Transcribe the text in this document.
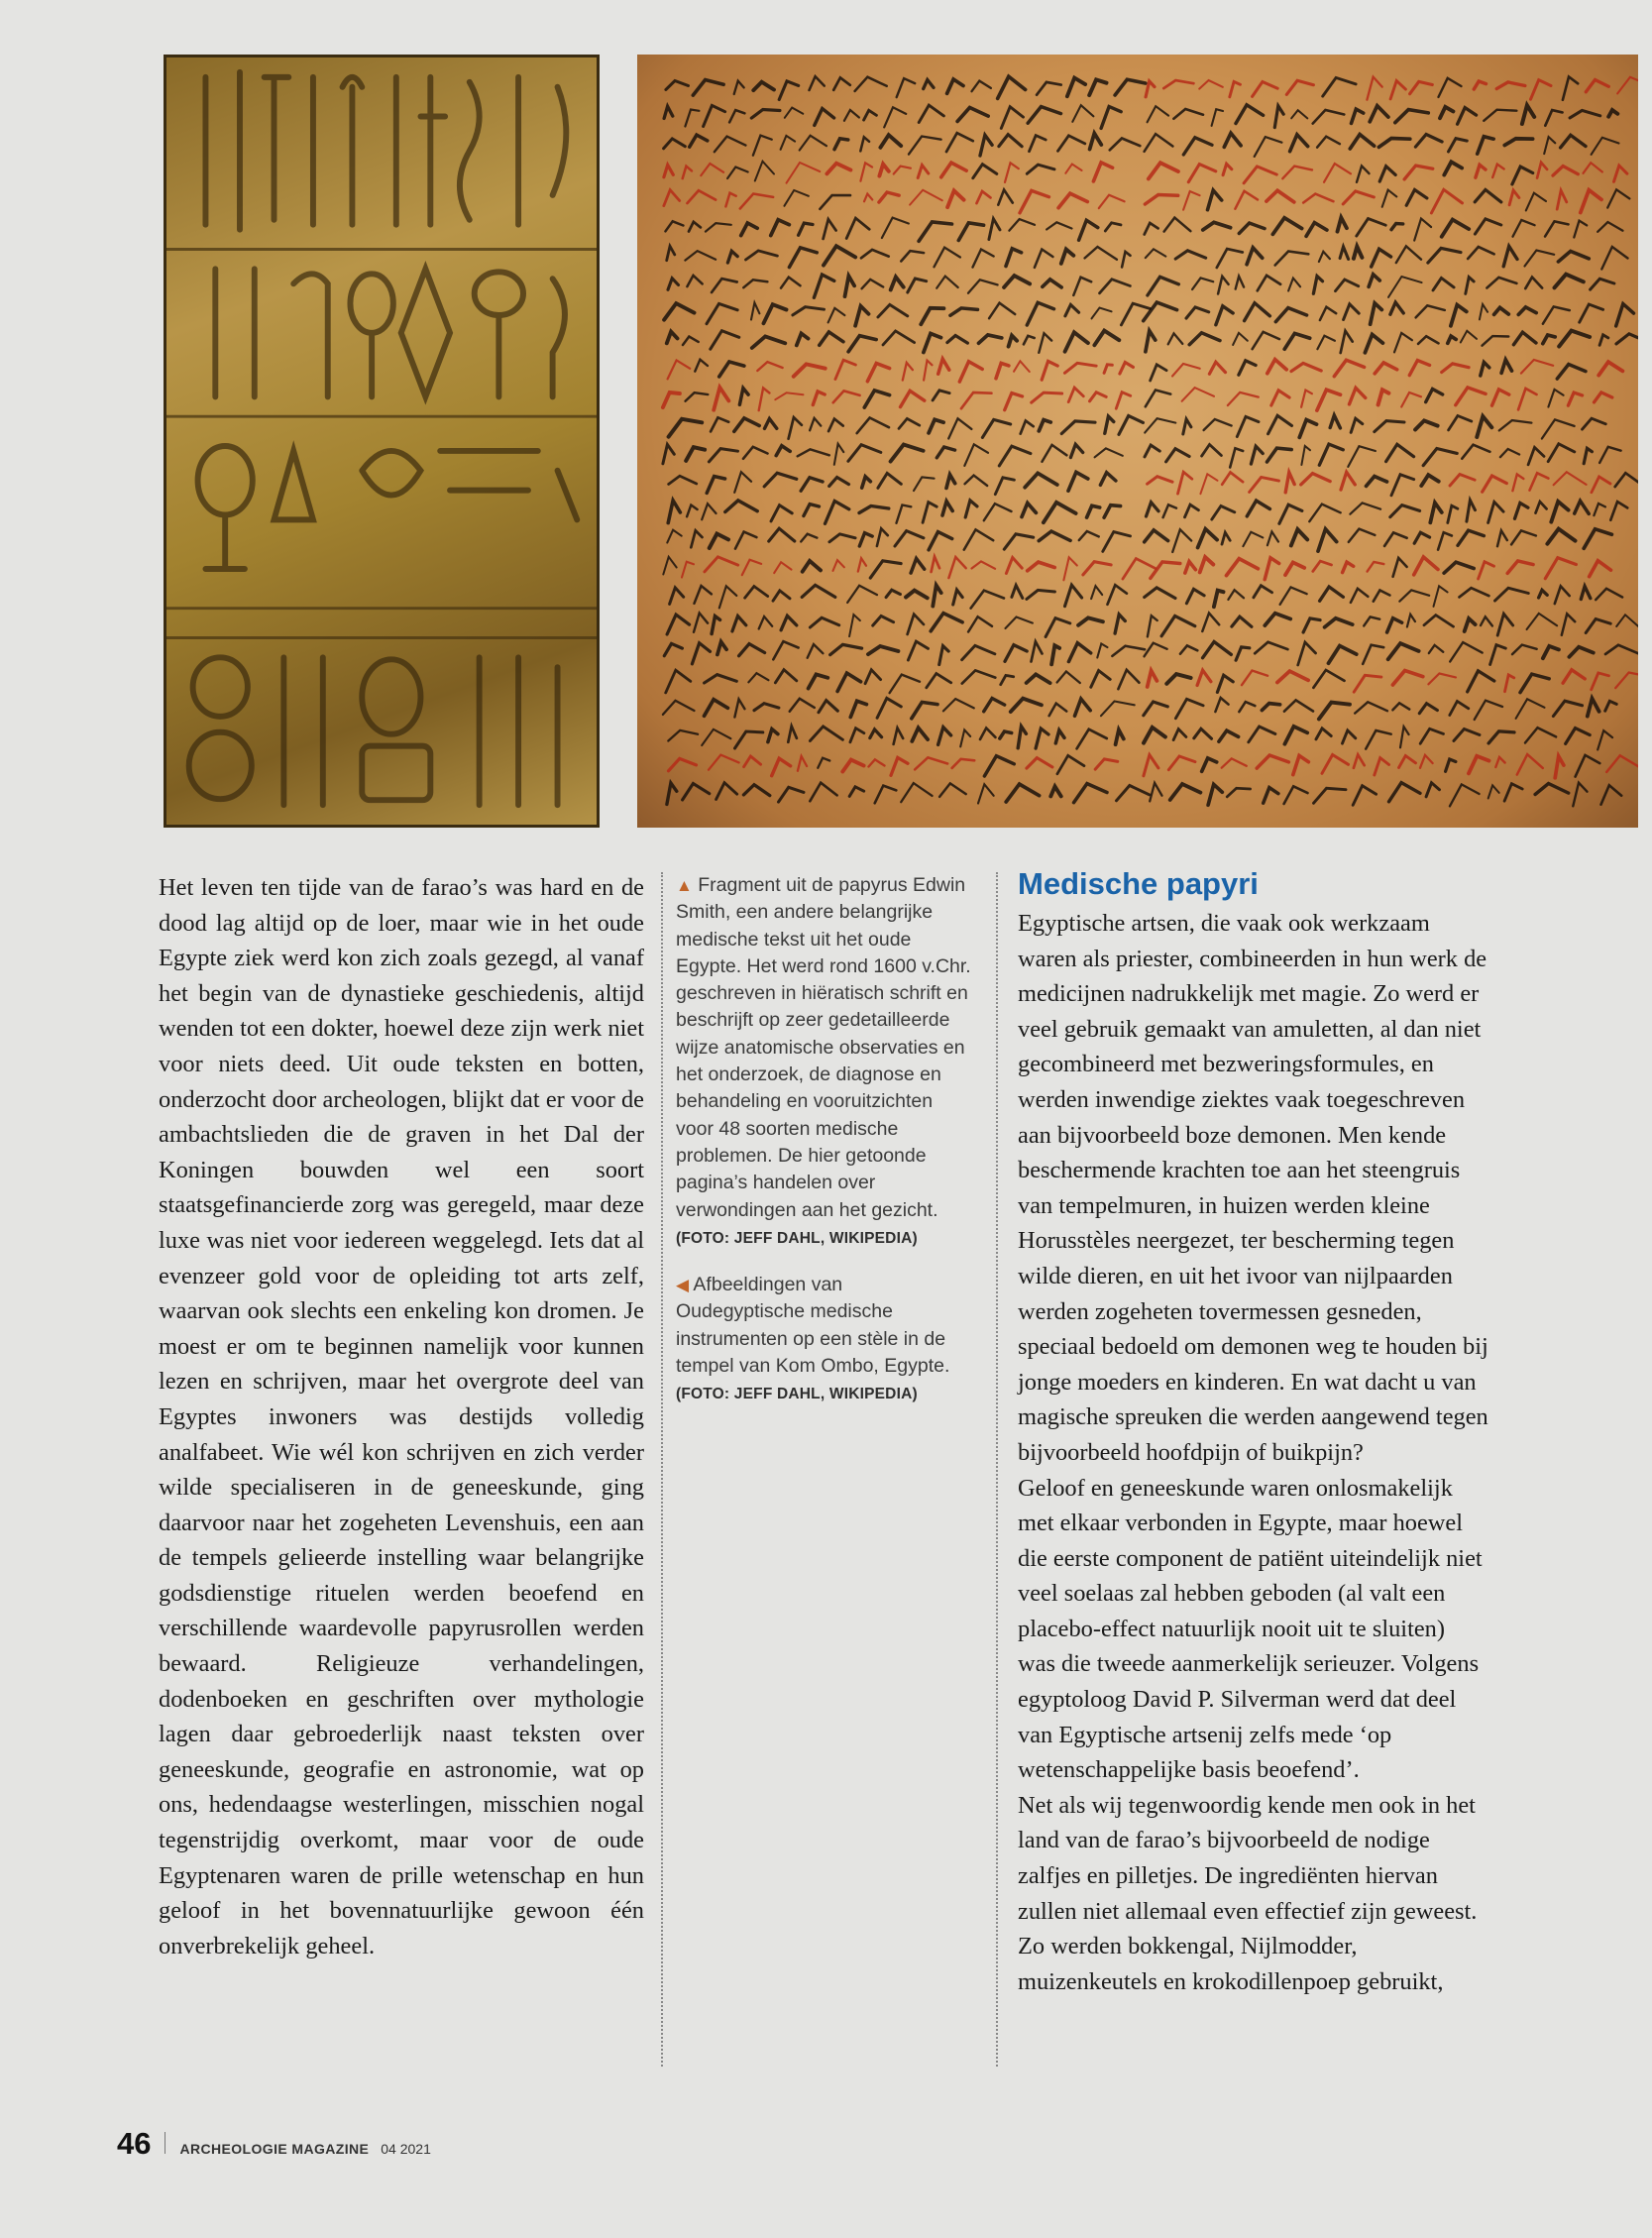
Het leven ten tijde van de farao’s was hard en de dood lag altijd op de loer, maar wie in het oude Egypte ziek werd kon zich zoals gezegd, al vanaf het begin van de dynastieke geschiedenis, altijd wenden tot een dokter, hoewel deze zijn werk niet voor niets deed. Uit oude teksten en botten, onderzocht door archeologen, blijkt dat er voor de ambachtslieden die de graven in het Dal der Koningen bouwden wel een soort staatsgefinancierde zorg was geregeld, maar deze luxe was niet voor iedereen weggelegd. Iets dat al evenzeer gold voor de opleiding tot arts zelf, waarvan ook slechts een enkeling kon dromen. Je moest er om te beginnen namelijk voor kunnen lezen en schrijven, maar het overgrote deel van Egyptes inwoners was destijds volledig analfabeet. Wie wél kon schrijven en zich verder wilde specialiseren in de geneeskunde, ging daarvoor naar het zogeheten Levenshuis, een aan de tempels gelieerde instelling waar belangrijke godsdienstige rituelen werden beoefend en verschillende waardevolle papyrusrollen werden bewaard. Religieuze verhandelingen, dodenboeken en geschriften over mythologie lagen daar gebroederlijk naast teksten over geneeskunde, geografie en astronomie, wat op ons, hedendaagse westerlingen, misschien nogal tegenstrijdig overkomt, maar voor de oude Egyptenaren waren de prille wetenschap en hun geloof in het bovennatuurlijke gewoon één onverbrekelijk geheel.

▲ Fragment uit de papyrus Edwin Smith, een andere belangrijke medische tekst uit het oude Egypte. Het werd rond 1600 v.Chr. geschreven in hiëratisch schrift en beschrijft op zeer gedetailleerde wijze anatomische observaties en het onderzoek, de diagnose en behandeling en vooruitzichten voor 48 soorten medische problemen. De hier getoonde pagina’s handelen over verwondingen aan het gezicht. (FOTO: JEFF DAHL, WIKIPEDIA)

◀ Afbeeldingen van Oudegyptische medische instrumenten op een stèle in de tempel van Kom Ombo, Egypte. (FOTO: JEFF DAHL, WIKIPEDIA)

Medische papyri

Egyptische artsen, die vaak ook werkzaam waren als priester, combineerden in hun werk de medicijnen nadrukkelijk met magie. Zo werd er veel gebruik gemaakt van amuletten, al dan niet gecombineerd met bezweringsformules, en werden inwendige ziektes vaak toegeschreven aan bijvoorbeeld boze demonen. Men kende beschermende krachten toe aan het steengruis van tempelmuren, in huizen werden kleine Horusstèles neergezet, ter bescherming tegen wilde dieren, en uit het ivoor van nijlpaarden werden zogeheten tovermessen gesneden, speciaal bedoeld om demonen weg te houden bij jonge moeders en kinderen. En wat dacht u van magische spreuken die werden aangewend tegen bijvoorbeeld hoofdpijn of buikpijn?

Geloof en geneeskunde waren onlosmakelijk met elkaar verbonden in Egypte, maar hoewel die eerste component de patiënt uiteindelijk niet veel soelaas zal hebben geboden (al valt een placebo-effect natuurlijk nooit uit te sluiten) was die tweede aanmerkelijk serieuzer. Volgens egyptoloog David P. Silverman werd dat deel van Egyptische artsenij zelfs mede ‘op wetenschappelijke basis beoefend’.

Net als wij tegenwoordig kende men ook in het land van de farao’s bijvoorbeeld de nodige zalfjes en pilletjes. De ingrediënten hiervan zullen niet allemaal even effectief zijn geweest. Zo werden bokkengal, Nijlmodder, muizenkeutels en krokodillenpoep gebruikt,

46 ARCHEOLOGIE MAGAZINE 04 2021
